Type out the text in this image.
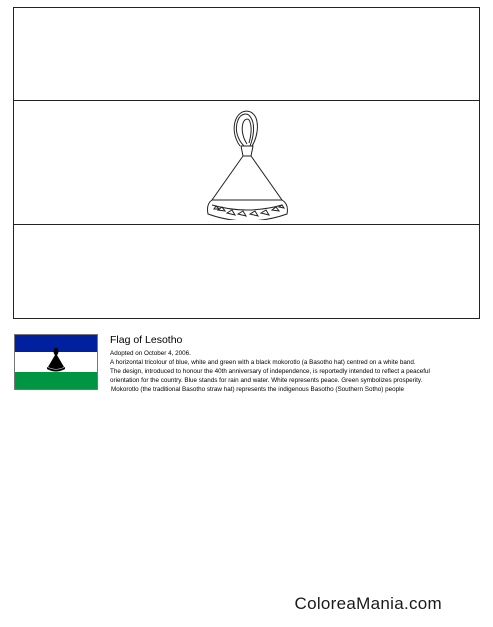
Flag of Lesotho

Adopted on October 4, 2006.

A horizontal tricolour of blue, white and green with a black mokorotlo (a Basotho hat) centred on a white band.

The design, introduced to honour the 40th anniversary of independence, is reportedly intended to reflect a peaceful

orientation for the country. Blue stands for rain and water. White represents peace. Green symbolizes prosperity.

Mokorotlo (the traditional Basotho straw hat) represents the indigenous Basotho (Southern Sotho) people

ColoreaMania.com
